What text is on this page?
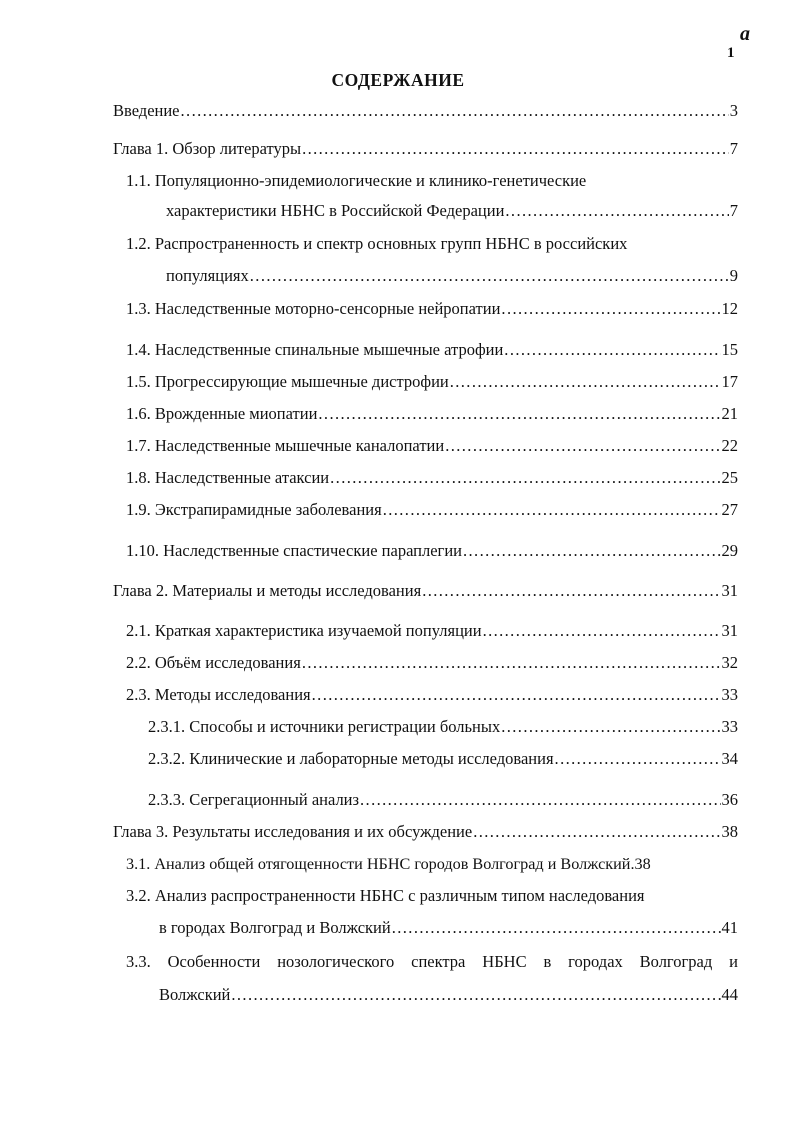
a
1
СОДЕРЖАНИЕ
Введение .....	3
Глава 1. Обзор литературы .....	7
1.1. Популяционно-эпидемиологические и клинико-генетические
характеристики НБНС в Российской Федерации .....	7
1.2. Распространенность и спектр основных групп НБНС в российских
популяциях .....	9
1.3. Наследственные моторно-сенсорные нейропатии .....	12
1.4. Наследственные спинальные мышечные атрофии .....	15
1.5. Прогрессирующие мышечные дистрофии .....	17
1.6. Врожденные миопатии .....	21
1.7. Наследственные мышечные каналопатии .....	22
1.8. Наследственные атаксии .....	25
1.9. Экстрапирамидные заболевания .....	27
1.10. Наследственные спастические параплегии .....	29
Глава 2. Материалы и методы исследования .....	31
2.1. Краткая характеристика изучаемой популяции .....	31
2.2. Объём исследования .....	32
2.3. Методы исследования .....	33
2.3.1. Способы и источники регистрации больных .....	33
2.3.2. Клинические и лабораторные методы исследования .....	34
2.3.3. Сегрегационный анализ .....	36
Глава 3. Результаты исследования и их обсуждение .....	38
3.1. Анализ общей отягощенности НБНС городов Волгоград и Волжский.38
3.2. Анализ распространенности НБНС с различным типом наследования
в городах Волгоград и Волжский .....	41
3.3. Особенности нозологического спектра НБНС в городах Волгоград и
Волжский .....	44
